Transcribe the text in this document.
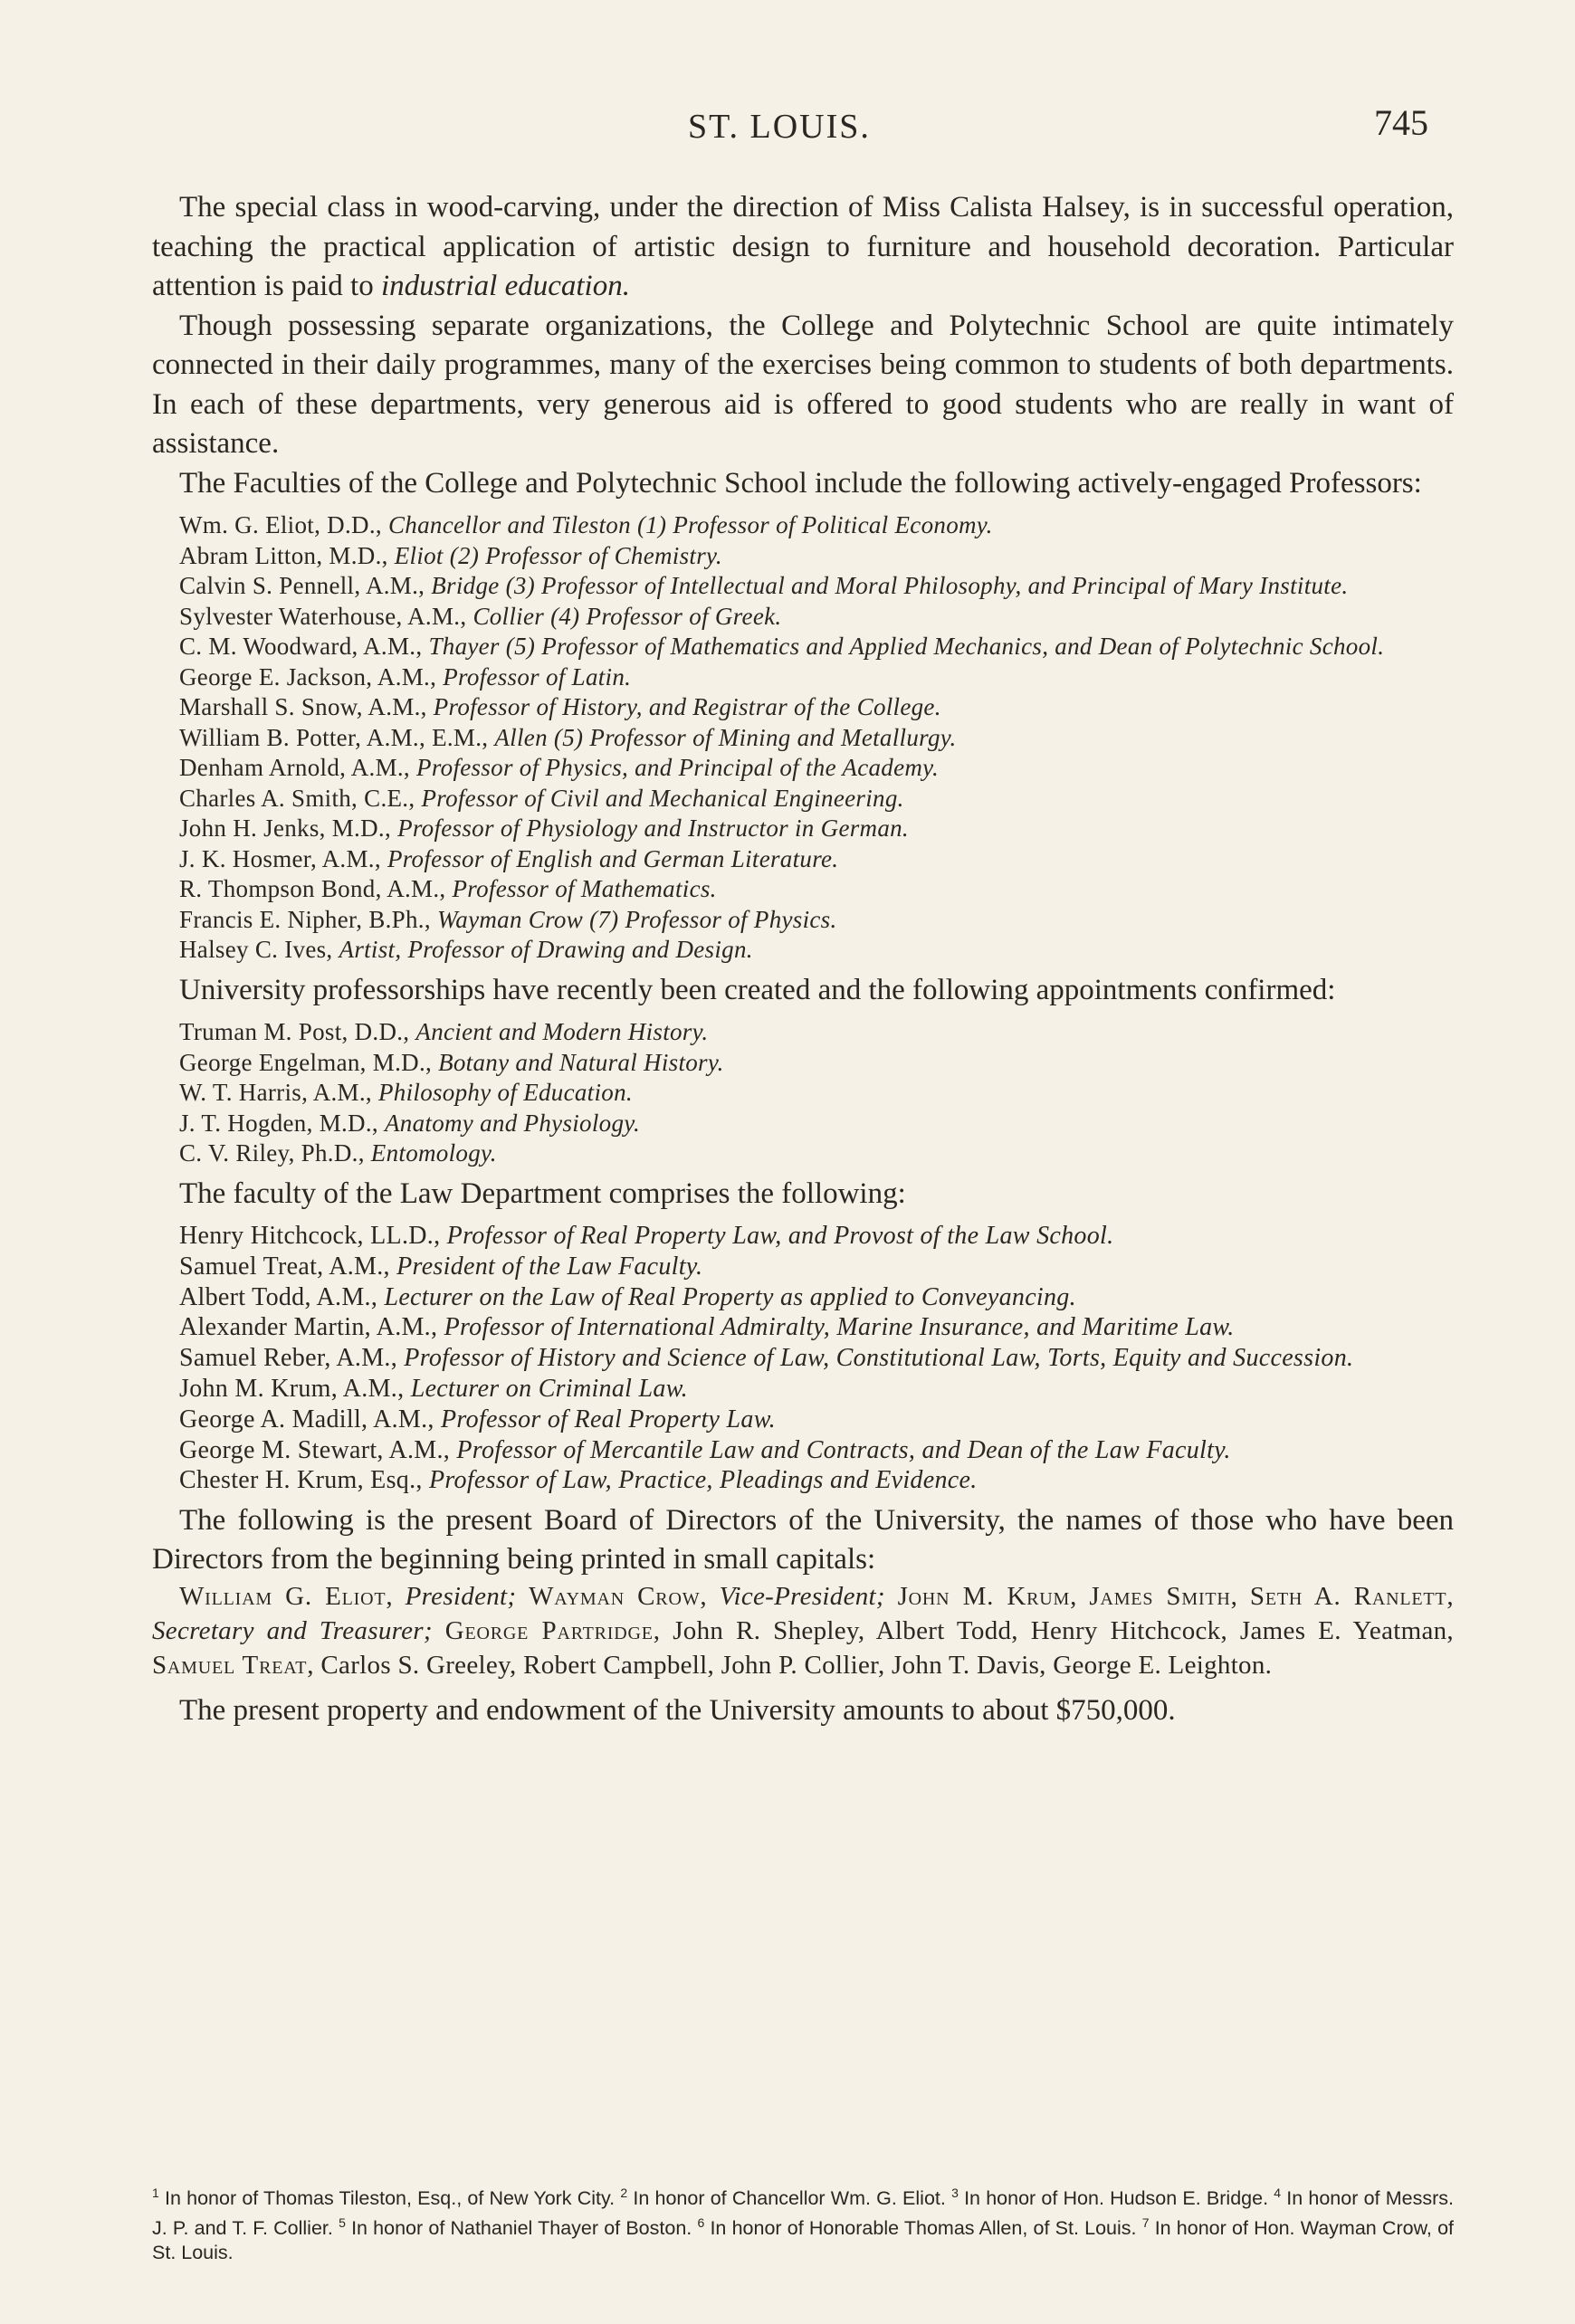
ST. LOUIS.	745

The special class in wood-carving, under the direction of Miss Calista Halsey, is in successful operation, teaching the practical application of artistic design to furniture and household decoration. Particular attention is paid to industrial education.

Though possessing separate organizations, the College and Polytechnic School are quite intimately connected in their daily programmes, many of the exercises being common to students of both departments. In each of these departments, very generous aid is offered to good students who are really in want of assistance.

The Faculties of the College and Polytechnic School include the following actively-engaged Professors:

Wm. G. Eliot, D.D., Chancellor and Tileston (1) Professor of Political Economy.
Abram Litton, M.D., Eliot (2) Professor of Chemistry.
Calvin S. Pennell, A.M., Bridge (3) Professor of Intellectual and Moral Philosophy, and Principal of Mary Institute.
Sylvester Waterhouse, A.M., Collier (4) Professor of Greek.
C. M. Woodward, A.M., Thayer (5) Professor of Mathematics and Applied Mechanics, and Dean of Polytechnic School.
George E. Jackson, A.M., Professor of Latin.
Marshall S. Snow, A.M., Professor of History, and Registrar of the College.
William B. Potter, A.M., E.M., Allen (5) Professor of Mining and Metallurgy.
Denham Arnold, A.M., Professor of Physics, and Principal of the Academy.
Charles A. Smith, C.E., Professor of Civil and Mechanical Engineering.
John H. Jenks, M.D., Professor of Physiology and Instructor in German.
J. K. Hosmer, A.M., Professor of English and German Literature.
R. Thompson Bond, A.M., Professor of Mathematics.
Francis E. Nipher, B.Ph., Wayman Crow (7) Professor of Physics.
Halsey C. Ives, Artist, Professor of Drawing and Design.

University professorships have recently been created and the following appointments confirmed:

Truman M. Post, D.D., Ancient and Modern History.
George Engelman, M.D., Botany and Natural History.
W. T. Harris, A.M., Philosophy of Education.
J. T. Hogden, M.D., Anatomy and Physiology.
C. V. Riley, Ph.D., Entomology.

The faculty of the Law Department comprises the following:

Henry Hitchcock, LL.D., Professor of Real Property Law, and Provost of the Law School.
Samuel Treat, A.M., President of the Law Faculty.
Albert Todd, A.M., Lecturer on the Law of Real Property as applied to Conveyancing.
Alexander Martin, A.M., Professor of International Admiralty, Marine Insurance, and Maritime Law.
Samuel Reber, A.M., Professor of History and Science of Law, Constitutional Law, Torts, Equity and Succession.
John M. Krum, A.M., Lecturer on Criminal Law.
George A. Madill, A.M., Professor of Real Property Law.
George M. Stewart, A.M., Professor of Mercantile Law and Contracts, and Dean of the Law Faculty.
Chester H. Krum, Esq., Professor of Law, Practice, Pleadings and Evidence.

The following is the present Board of Directors of the University, the names of those who have been Directors from the beginning being printed in small capitals:

William G. Eliot, President; Wayman Crow, Vice-President; John M. Krum, James Smith, Seth A. Ranlett, Secretary and Treasurer; George Partridge, John R. Shepley, Albert Todd, Henry Hitchcock, James E. Yeatman, Samuel Treat, Carlos S. Greeley, Robert Campbell, John P. Collier, John T. Davis, George E. Leighton.

The present property and endowment of the University amounts to about $750,000.

$^1$ In honor of Thomas Tileston, Esq., of New York City. $^2$ In honor of Chancellor Wm. G. Eliot. $^3$ In honor of Hon. Hudson E. Bridge. $^4$ In honor of Messrs. J. P. and T. F. Collier. $^5$ In honor of Nathaniel Thayer of Boston. $^6$ In honor of Honorable Thomas Allen, of St. Louis. $^7$ In honor of Hon. Wayman Crow, of St. Louis.
